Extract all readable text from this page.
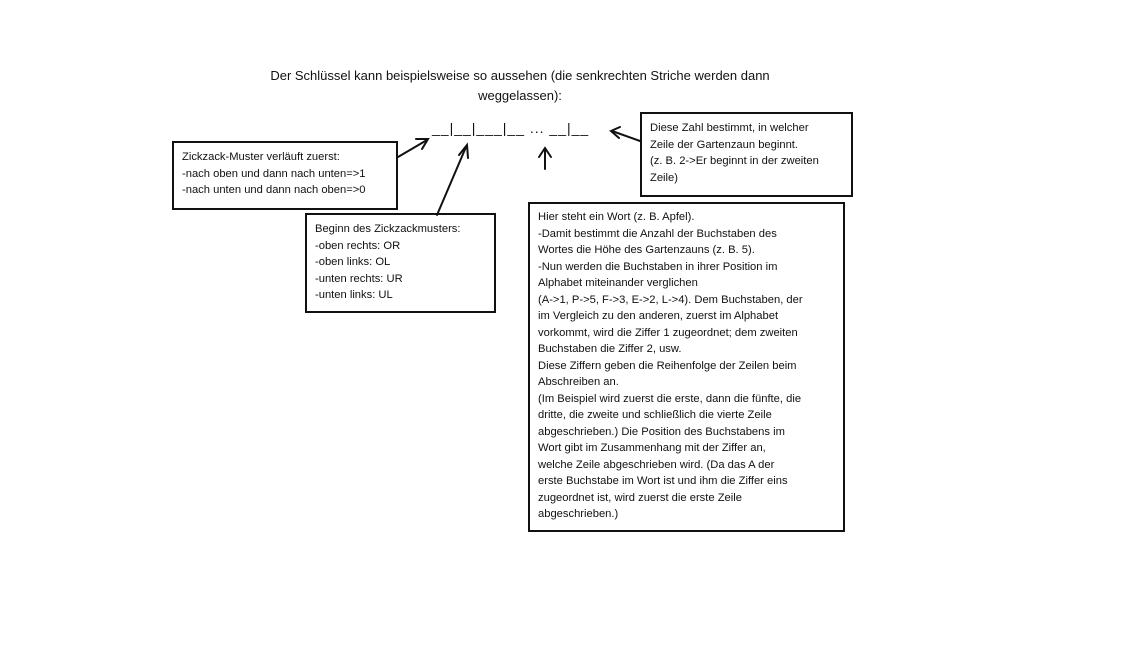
Der Schlüssel kann beispielsweise so aussehen (die senkrechten Striche werden dann
weggelassen):
__|__|___|__ ... __|__
Zickzack-Muster verläuft zuerst:
-nach oben und dann nach unten=>1
-nach unten und dann nach oben=>0
Beginn des Zickzackmusters:
-oben rechts: OR
-oben links: OL
-unten rechts: UR
-unten links: UL
Diese Zahl bestimmt, in welcher
Zeile der Gartenzaun beginnt.
(z. B. 2->Er beginnt in der zweiten
Zeile)
Hier steht ein Wort (z. B. Apfel).
-Damit bestimmt die Anzahl der Buchstaben des
Wortes die Höhe des Gartenzauns (z. B. 5).
-Nun werden die Buchstaben in ihrer Position im
Alphabet miteinander verglichen
(A->1, P->5, F->3, E->2, L->4). Dem Buchstaben, der
im Vergleich zu den anderen, zuerst im Alphabet
vorkommt, wird die Ziffer 1 zugeordnet; dem zweiten
Buchstaben die Ziffer 2, usw.
Diese Ziffern geben die Reihenfolge der Zeilen beim
Abschreiben an.
(Im Beispiel wird zuerst die erste, dann die fünfte, die
dritte, die zweite und schließlich die vierte Zeile
abgeschrieben.) Die Position des Buchstabens im
Wort gibt im Zusammenhang mit der Ziffer an,
welche Zeile abgeschrieben wird. (Da das A der
erste Buchstabe im Wort ist und ihm die Ziffer eins
zugeordnet ist, wird zuerst die erste Zeile
abgeschrieben.)
